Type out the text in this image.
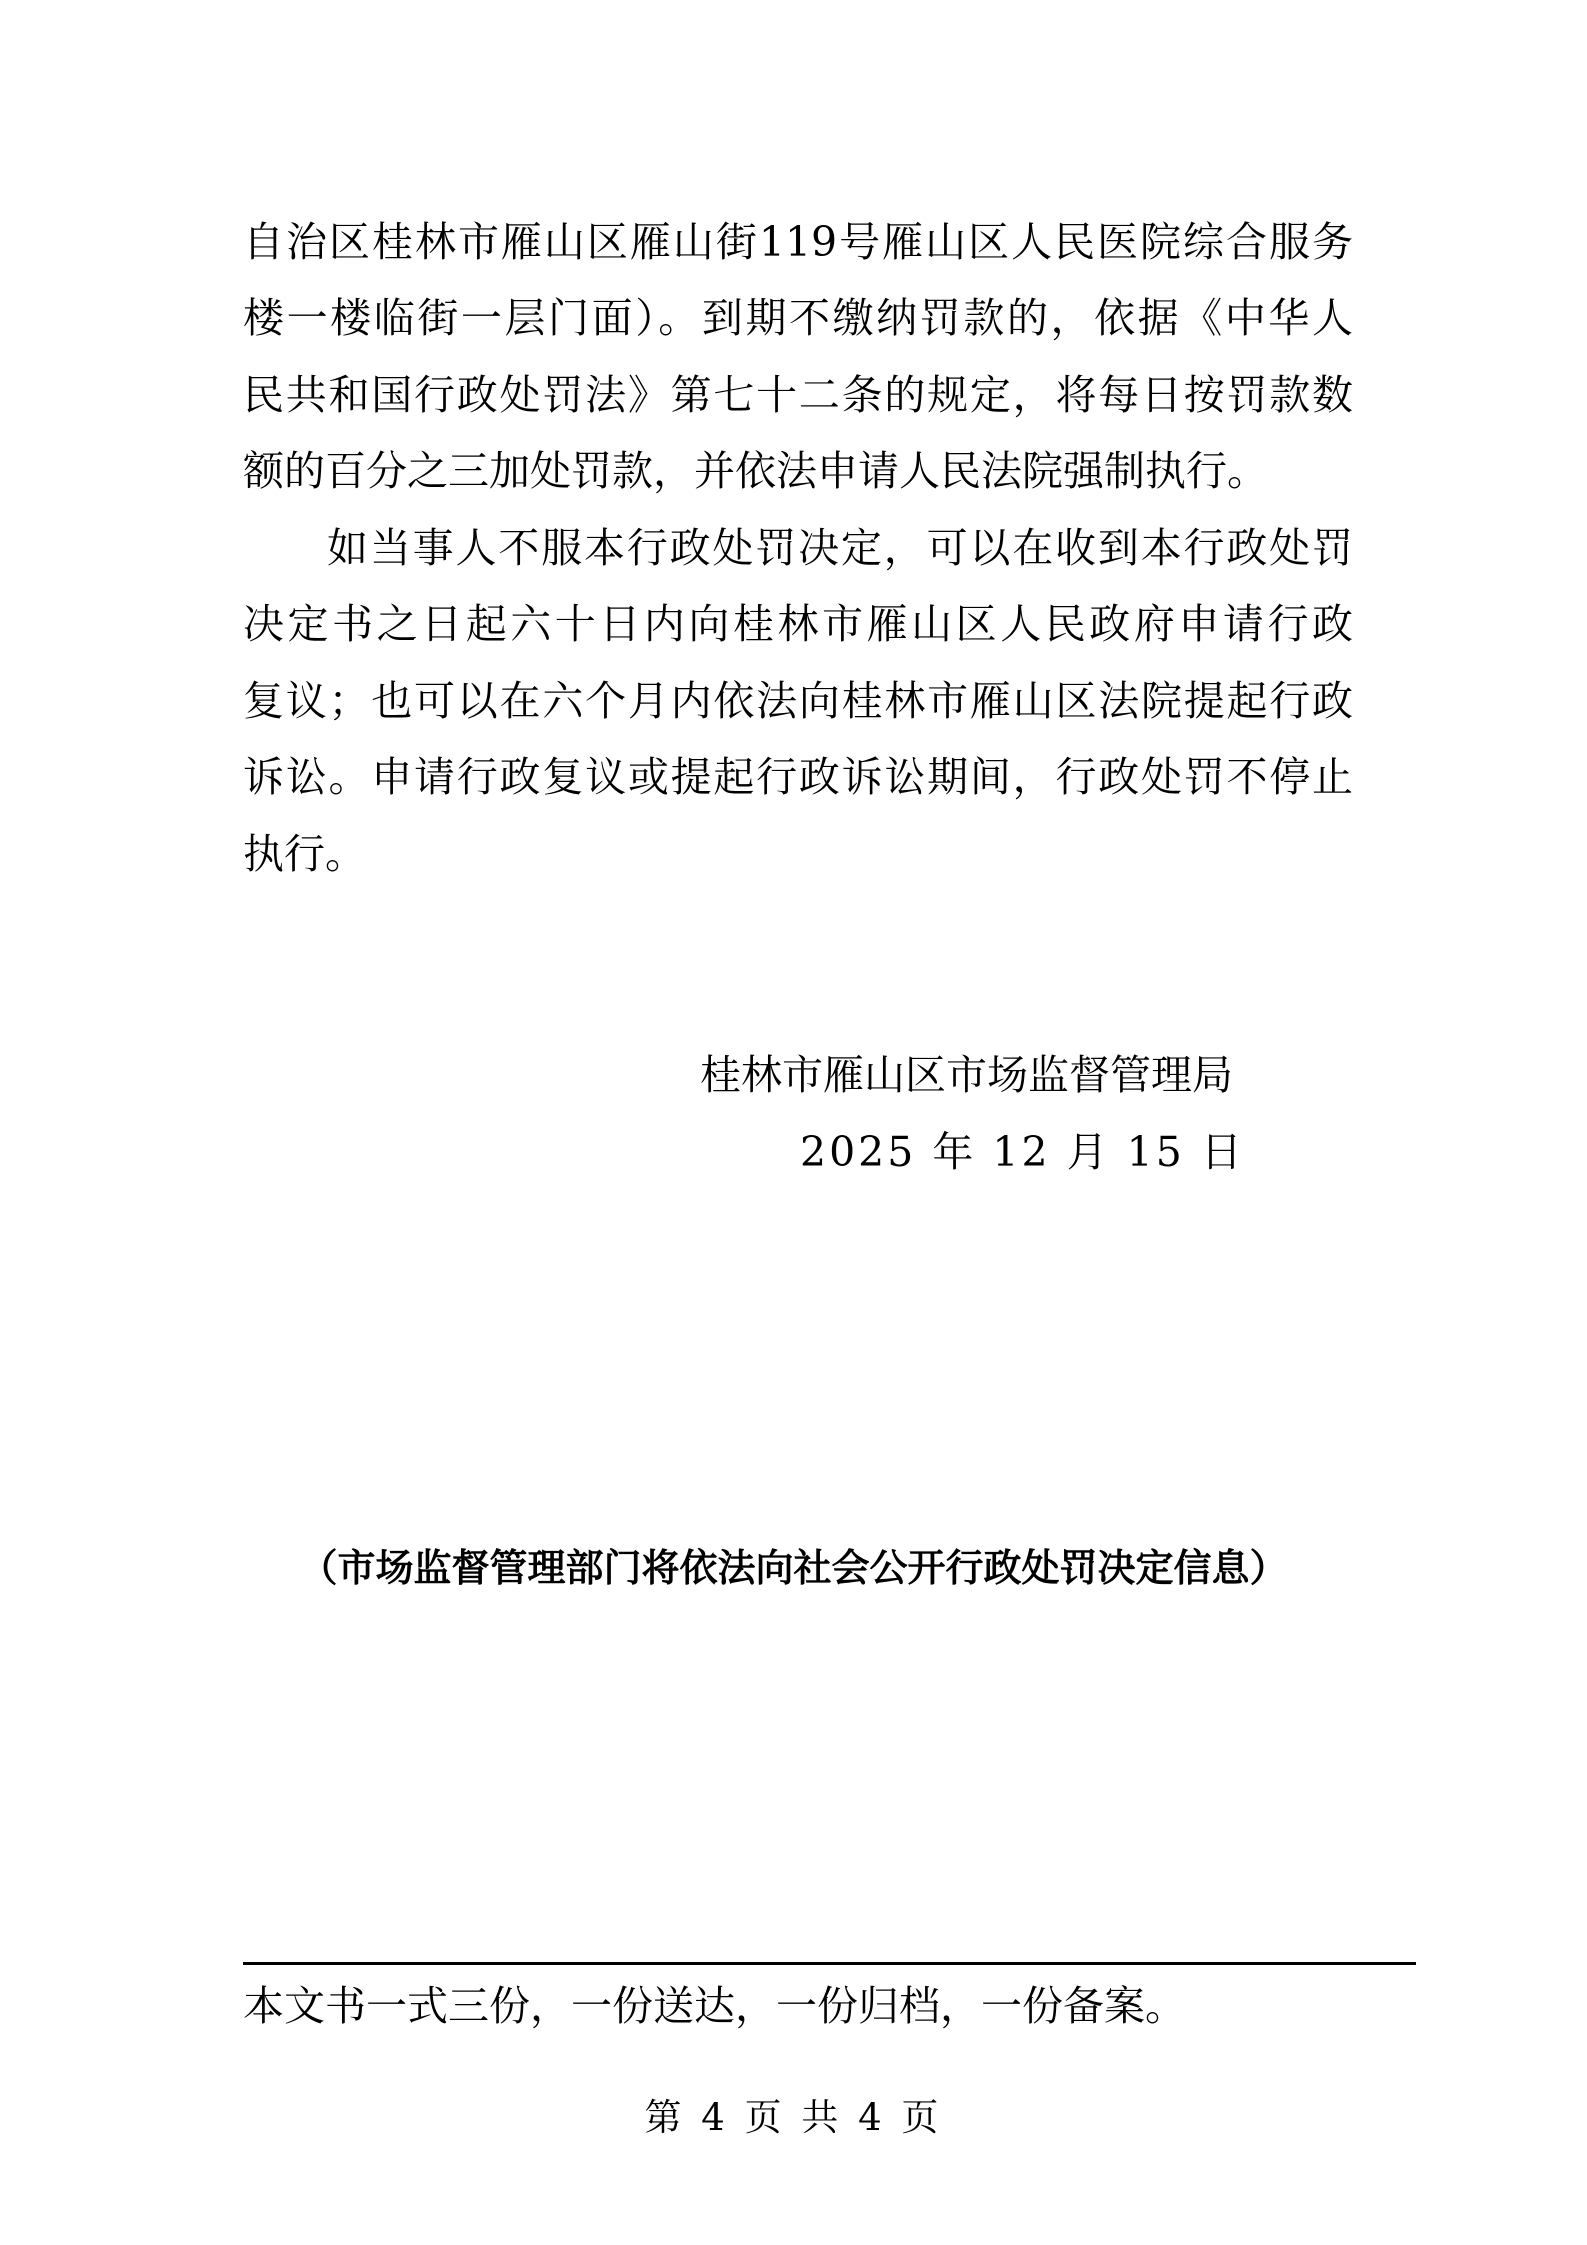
自治区桂林市雁山区雁山街119号雁山区人民医院综合服务
楼一楼临街一层门面）。到期不缴纳罚款的，依据《中华人
民共和国行政处罚法》第七十二条的规定，将每日按罚款数
额的百分之三加处罚款，并依法申请人民法院强制执行。
如当事人不服本行政处罚决定，可以在收到本行政处罚
决定书之日起六十日内向桂林市雁山区人民政府申请行政
复议；也可以在六个月内依法向桂林市雁山区法院提起行政
诉讼。申请行政复议或提起行政诉讼期间，行政处罚不停止
执行。
桂林市雁山区市场监督管理局
2025 年 12 月 15 日
（市场监督管理部门将依法向社会公开行政处罚决定信息）
本文书一式三份，一份送达，一份归档，一份备案。
第 4 页 共 4 页
